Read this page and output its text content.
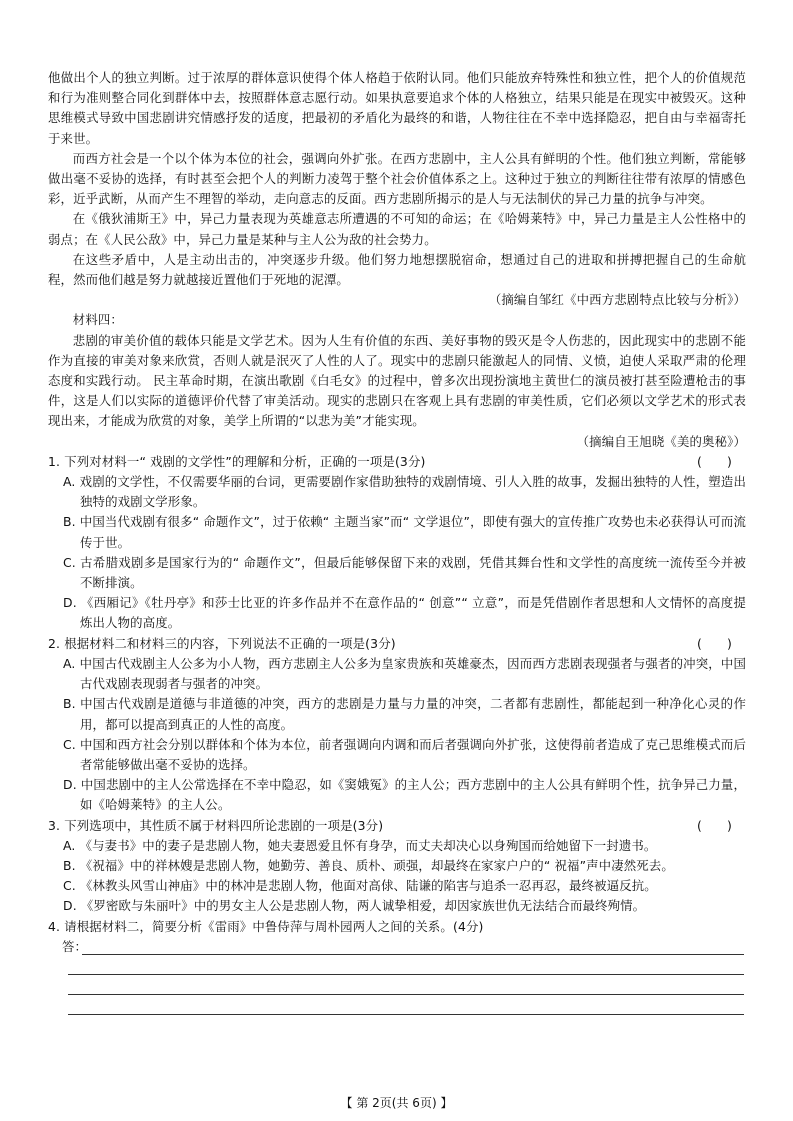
他做出个人的独立判断。过于浓厚的群体意识使得个体人格趋于依附认同。他们只能放弃特殊性和独立性，把个人的价值规范和行为准则整合同化到群体中去，按照群体意志愿行动。如果执意要追求个体的人格独立，结果只能是在现实中被毁灭。这种思维模式导致中国悲剧讲究情感抒发的适度，把最初的矛盾化为最终的和谐，人物往往在不幸中选择隐忍，把自由与幸福寄托于来世。

而西方社会是一个以个体为本位的社会，强调向外扩张。在西方悲剧中，主人公具有鲜明的个性。他们独立判断，常能够做出毫不妥协的选择，有时甚至会把个人的判断力凌驾于整个社会价值体系之上。这种过于独立的判断往往带有浓厚的情感色彩，近乎武断，从而产生不理智的举动，走向意志的反面。西方悲剧所揭示的是人与无法制伏的异己力量的抗争与冲突。

在《俄狄浦斯王》中，异己力量表现为英雄意志所遭遇的不可知的命运；在《哈姆莱特》中，异己力量是主人公性格中的弱点；在《人民公敌》中，异己力量是某种与主人公为敌的社会势力。

在这些矛盾中，人是主动出击的，冲突逐步升级。他们努力地想摆脱宿命，想通过自己的进取和拼搏把握自己的生命航程，然而他们越是努力就越接近置他们于死地的泥潭。

（摘编自邹红《中西方悲剧特点比较与分析》）

材料四：

悲剧的审美价值的载体只能是文学艺术。因为人生有价值的东西、美好事物的毁灭是令人伤悲的，因此现实中的悲剧不能作为直接的审美对象来欣赏，否则人就是泯灭了人性的人了。现实中的悲剧只能激起人的同情、义愤，迫使人采取严肃的伦理态度和实践行动。 民主革命时期，在演出歌剧《白毛女》的过程中，曾多次出现扮演地主黄世仁的演员被打甚至险遭枪击的事件，这是人们以实际的道德评价代替了审美活动。现实的悲剧只在客观上具有悲剧的审美性质，它们必须以文学艺术的形式表现出来，才能成为欣赏的对象，美学上所谓的“以悲为美”才能实现。

（摘编自王旭晓《美的奥秘》）

1. 下列对材料一“ 戏剧的文学性”的理解和分析，正确的一项是(3分)	(　　)

A. 戏剧的文学性，不仅需要华丽的台词，更需要剧作家借助独特的戏剧情境、引人入胜的故事，发掘出独特的人性，塑造出独特的戏剧文学形象。

B. 中国当代戏剧有很多“ 命题作文”，过于依赖“ 主题当家”而“ 文学退位”，即使有强大的宣传推广攻势也未必获得认可而流传于世。

C. 古希腊戏剧多是国家行为的“ 命题作文”，但最后能够保留下来的戏剧，凭借其舞台性和文学性的高度统一流传至今并被不断排演。

D. 《西厢记》《牡丹亭》和莎士比亚的许多作品并不在意作品的“ 创意”“ 立意”，而是凭借剧作者思想和人文情怀的高度提炼出人物的高度。

2. 根据材料二和材料三的内容，下列说法不正确的一项是(3分)	(　　)

A. 中国古代戏剧主人公多为小人物，西方悲剧主人公多为皇家贵族和英雄豪杰，因而西方悲剧表现强者与强者的冲突，中国古代戏剧表现弱者与强者的冲突。

B. 中国古代戏剧是道德与非道德的冲突，西方的悲剧是力量与力量的冲突，二者都有悲剧性，都能起到一种净化心灵的作用，都可以提高到真正的人性的高度。

C. 中国和西方社会分别以群体和个体为本位，前者强调向内调和而后者强调向外扩张，这使得前者造成了克己思维模式而后者常能够做出毫不妥协的选择。

D. 中国悲剧中的主人公常选择在不幸中隐忍，如《窦娥冤》的主人公；西方悲剧中的主人公具有鲜明个性，抗争异己力量，如《哈姆莱特》的主人公。

3. 下列选项中，其性质不属于材料四所论悲剧的一项是(3分)	(　　)

A. 《与妻书》中的妻子是悲剧人物，她夫妻恩爱且怀有身孕，而丈夫却决心以身殉国而给她留下一封遗书。

B. 《祝福》中的祥林嫂是悲剧人物，她勤劳、善良、质朴、顽强，却最终在家家户户的“ 祝福”声中凄然死去。

C. 《林教头风雪山神庙》中的林冲是悲剧人物，他面对高俅、陆谦的陷害与追杀一忍再忍，最终被逼反抗。

D. 《罗密欧与朱丽叶》中的男女主人公是悲剧人物，两人诚挚相爱，却因家族世仇无法结合而最终殉情。

4. 请根据材料二，简要分析《雷雨》中鲁侍萍与周朴园两人之间的关系。(4分)

答：
【 第 2页(共 6页) 】
